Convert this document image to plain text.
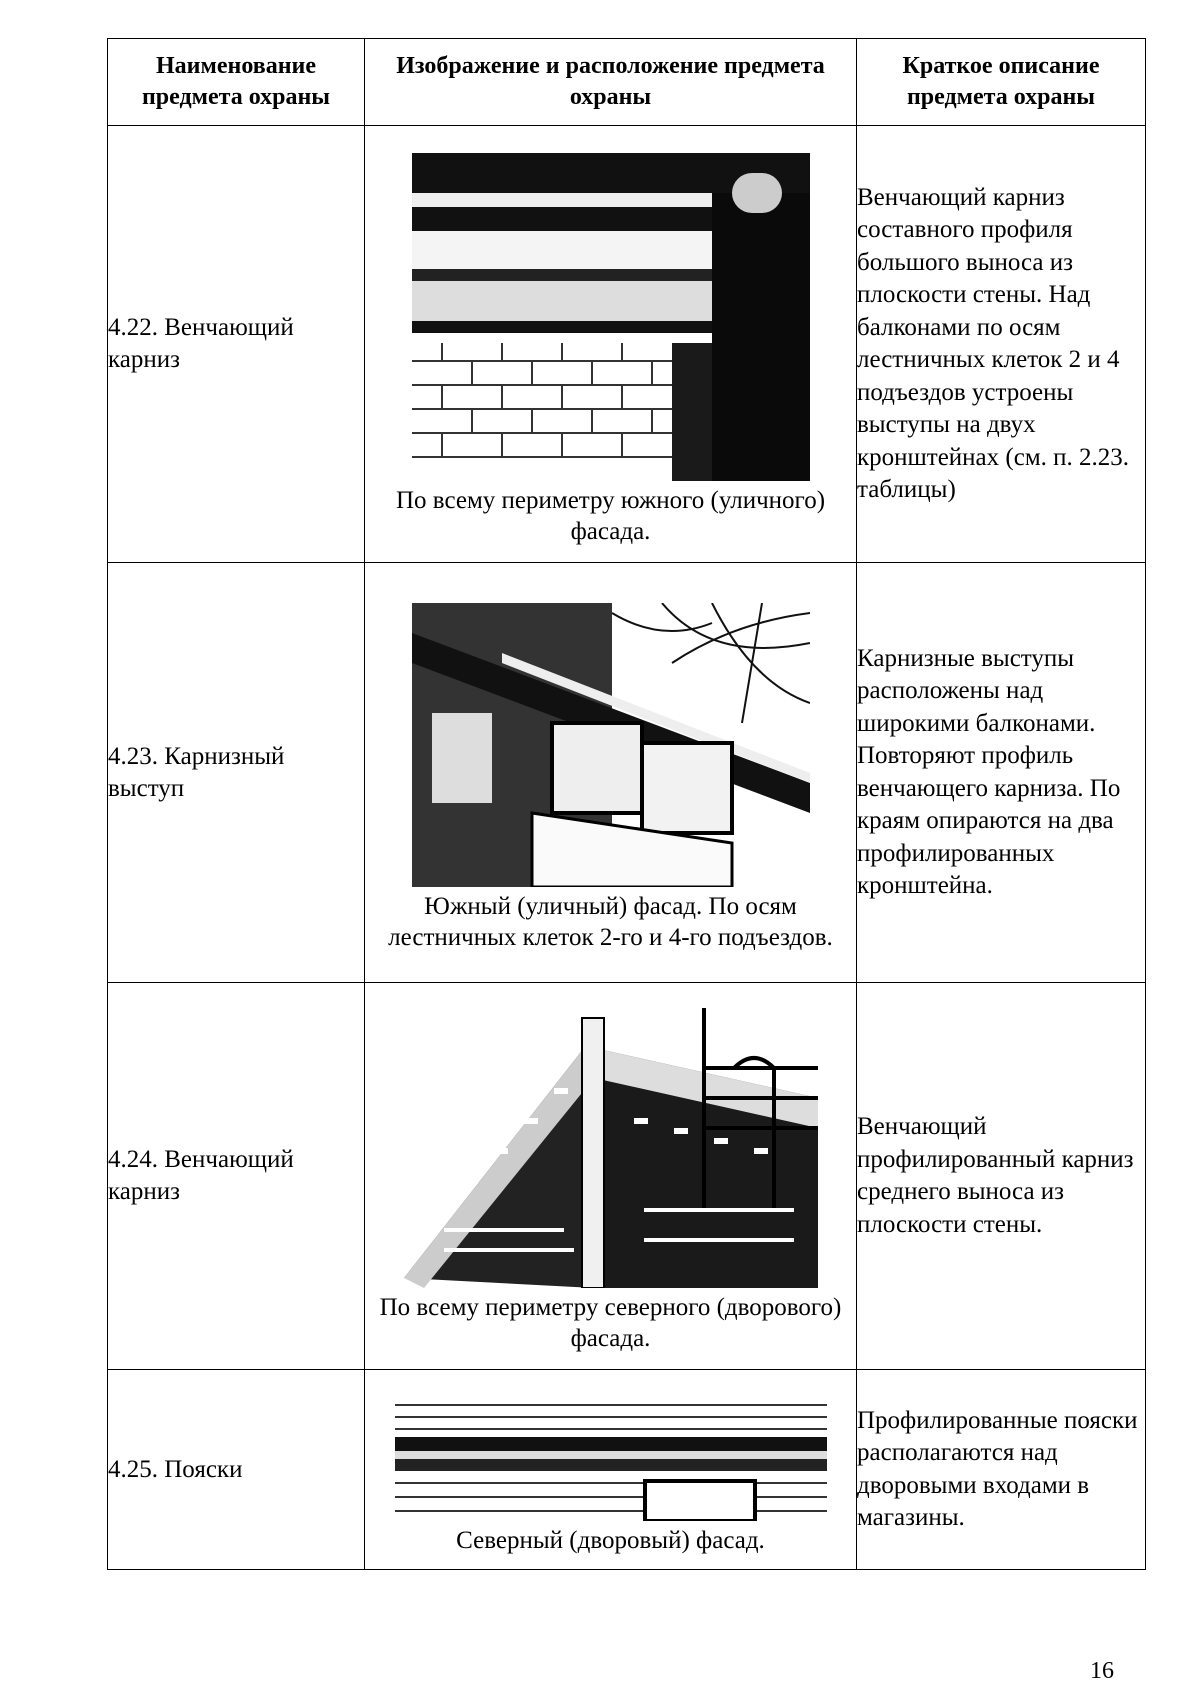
Наименование предмета охраны	Изображение и расположение предмета охраны	Краткое описание предмета охраны

4.22. Венчающий
карниз	По всему периметру южного (уличного) фасада.	Венчающий карниз составного профиля большого выноса из плоскости стены. Над балконами по осям лестничных клеток 2 и 4 подъездов устроены выступы на двух кронштейнах (см. п. 2.23. таблицы)

4.23. Карнизный
выступ	Южный (уличный) фасад. По осям лестничных клеток 2-го и 4-го подъездов.	Карнизные выступы расположены над широкими балконами. Повторяют профиль венчающего карниза. По краям опираются на два профилированных кронштейна.

4.24. Венчающий
карниз	По всему периметру северного (дворового) фасада.	Венчающий профилированный карниз среднего выноса из плоскости стены.

4.25. Пояски	Северный (дворовый) фасад.	Профилированные пояски располагаются над дворовыми входами в магазины.
16
